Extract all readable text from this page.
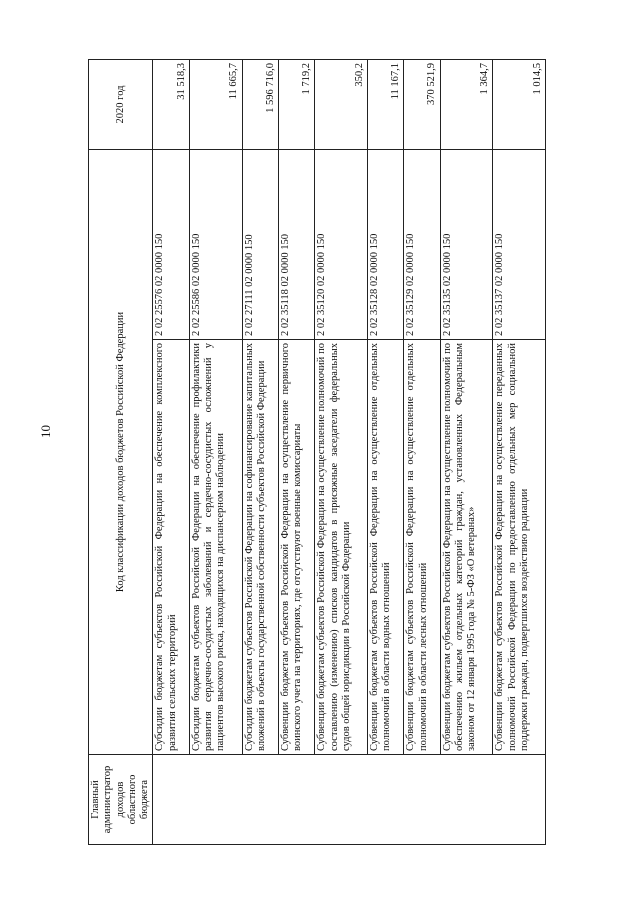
10
Главный администратор доходов областного бюджета	Код классификации доходов бюджетов Российской Федерации		2020 год
	Субсидии бюджетам субъектов Российской Федерации на обеспечение комплексного развития сельских территорий	2 02 25576 02 0000 150	31 518,3
	Субсидии бюджетам субъектов Российской Федерации на обеспечение профилактики развития сердечно-сосудистых заболеваний и сердечно-сосудистых осложнений у пациентов высокого риска, находящихся на диспансерном наблюдении	2 02 25586 02 0000 150	11 665,7
	Субсидии бюджетам субъектов Российской Федерации на софинансирование капитальных вложений в объекты государственной собственности субъектов Российской Федерации	2 02 27111 02 0000 150	1 596 716,0
	Субвенции бюджетам субъектов Российской Федерации на осуществление первичного воинского учета на территориях, где отсутствуют военные комиссариаты	2 02 35118 02 0000 150	1 719,2
	Субвенции бюджетам субъектов Российской Федерации на осуществление полномочий по составлению (изменению) списков кандидатов в присяжные заседатели федеральных судов общей юрисдикции в Российской Федерации	2 02 35120 02 0000 150	350,2
	Субвенции бюджетам субъектов Российской Федерации на осуществление отдельных полномочий в области водных отношений	2 02 35128 02 0000 150	11 167,1
	Субвенции бюджетам субъектов Российской Федерации на осуществление отдельных полномочий в области лесных отношений	2 02 35129 02 0000 150	370 521,9
	Субвенции бюджетам субъектов Российской Федерации на осуществление полномочий по обеспечению жильем отдельных категорий граждан, установленных Федеральным законом от 12 января 1995 года № 5-ФЗ «О ветеранах»	2 02 35135 02 0000 150	1 364,7
	Субвенции бюджетам субъектов Российской Федерации на осуществление переданных полномочий Российской Федерации по предоставлению отдельных мер социальной поддержки граждан, подвергшихся воздействию радиации	2 02 35137 02 0000 150	1 014,5
